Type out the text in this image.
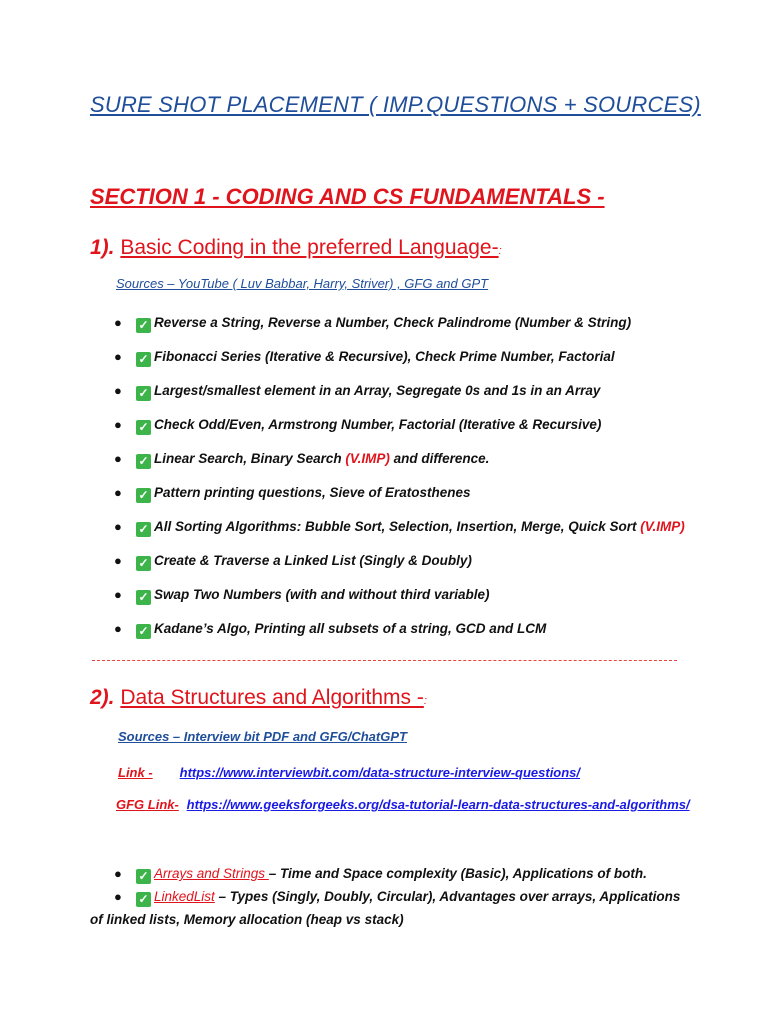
SURE SHOT PLACEMENT ( IMP.QUESTIONS + SOURCES)
SECTION 1 - CODING AND CS FUNDAMENTALS -
1). Basic Coding in the preferred Language-:

Sources – YouTube ( Luv Babbar, Harry, Striver) , GFG and GPT

● ✓ Reverse a String, Reverse a Number, Check Palindrome (Number & String)
● ✓ Fibonacci Series (Iterative & Recursive), Check Prime Number, Factorial
● ✓ Largest/smallest element in an Array, Segregate 0s and 1s in an Array
● ✓ Check Odd/Even, Armstrong Number, Factorial (Iterative & Recursive)
● ✓ Linear Search, Binary Search (V.IMP) and difference.
● ✓ Pattern printing questions, Sieve of Eratosthenes
● ✓ All Sorting Algorithms: Bubble Sort, Selection, Insertion, Merge, Quick Sort (V.IMP)
● ✓ Create & Traverse a Linked List (Singly & Doubly)
● ✓ Swap Two Numbers (with and without third variable)
● ✓ Kadane’s Algo, Printing all subsets of a string, GCD and LCM
2). Data Structures and Algorithms -:

Sources – Interview bit PDF and GFG/ChatGPT

Link - https://www.interviewbit.com/data-structure-interview-questions/

GFG Link- https://www.geeksforgeeks.org/dsa-tutorial-learn-data-structures-and-algorithms/

● ✓ Arrays and Strings – Time and Space complexity (Basic), Applications of both.
● ✓ LinkedList – Types (Singly, Doubly, Circular), Advantages over arrays, Applications
of linked lists, Memory allocation (heap vs stack)
